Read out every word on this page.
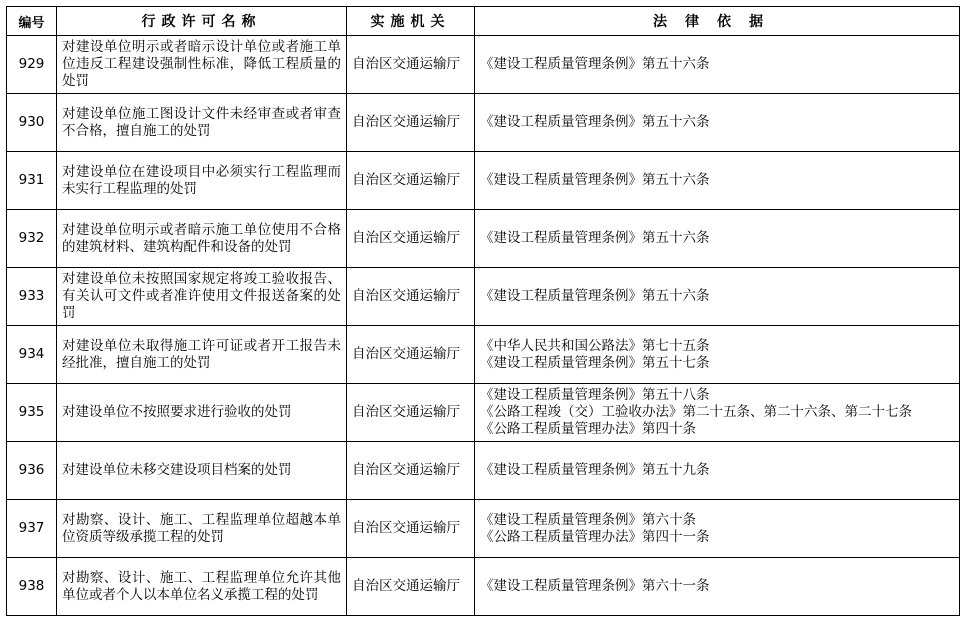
编号	行政许可名称	实施机关	法律依据
929	对建设单位明示或者暗示设计单位或者施工单位违反工程建设强制性标准，降低工程质量的处罚	自治区交通运输厅	《建设工程质量管理条例》第五十六条

930	对建设单位施工图设计文件未经审查或者审查不合格，擅自施工的处罚	自治区交通运输厅	《建设工程质量管理条例》第五十六条

931	对建设单位在建设项目中必须实行工程监理而未实行工程监理的处罚	自治区交通运输厅	《建设工程质量管理条例》第五十六条

932	对建设单位明示或者暗示施工单位使用不合格的建筑材料、建筑构配件和设备的处罚	自治区交通运输厅	《建设工程质量管理条例》第五十六条

933	对建设单位未按照国家规定将竣工验收报告、有关认可文件或者准许使用文件报送备案的处罚	自治区交通运输厅	《建设工程质量管理条例》第五十六条

934	对建设单位未取得施工许可证或者开工报告未经批准，擅自施工的处罚	自治区交通运输厅	《中华人民共和国公路法》第七十五条
《建设工程质量管理条例》第五十七条

935	对建设单位不按照要求进行验收的处罚	自治区交通运输厅	《建设工程质量管理条例》第五十八条
《公路工程竣（交）工验收办法》第二十五条、第二十六条、第二十七条
《公路工程质量管理办法》第四十条

936	对建设单位未移交建设项目档案的处罚	自治区交通运输厅	《建设工程质量管理条例》第五十九条

937	对勘察、设计、施工、工程监理单位超越本单位资质等级承揽工程的处罚	自治区交通运输厅	《建设工程质量管理条例》第六十条
《公路工程质量管理办法》第四十一条

938	对勘察、设计、施工、工程监理单位允许其他单位或者个人以本单位名义承揽工程的处罚	自治区交通运输厅	《建设工程质量管理条例》第六十一条
